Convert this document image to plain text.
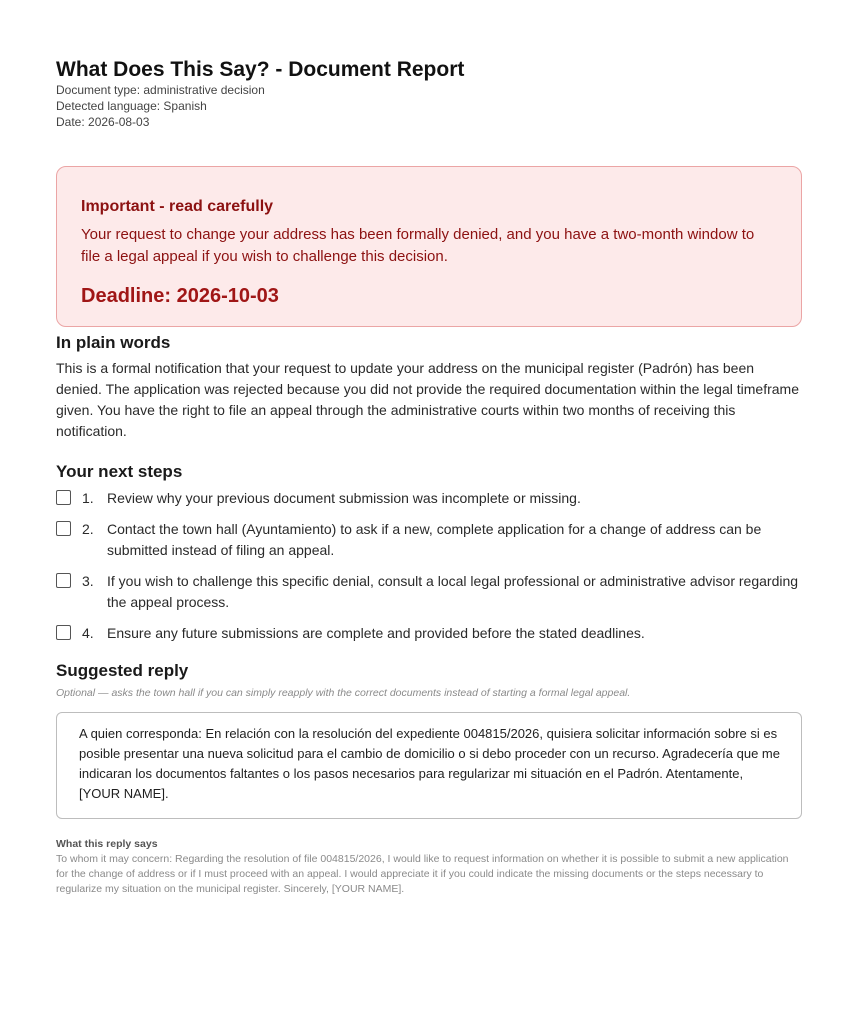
What Does This Say? - Document Report
Document type: administrative decision
Detected language: Spanish
Date: 2026-08-03
Important - read carefully
Your request to change your address has been formally denied, and you have a two-month window to file a legal appeal if you wish to challenge this decision.
Deadline: 2026-10-03
In plain words
This is a formal notification that your request to update your address on the municipal register (Padrón) has been denied. The application was rejected because you did not provide the required documentation within the legal timeframe given. You have the right to file an appeal through the administrative courts within two months of receiving this notification.
Your next steps
1. Review why your previous document submission was incomplete or missing.
2. Contact the town hall (Ayuntamiento) to ask if a new, complete application for a change of address can be submitted instead of filing an appeal.
3. If you wish to challenge this specific denial, consult a local legal professional or administrative advisor regarding the appeal process.
4. Ensure any future submissions are complete and provided before the stated deadlines.
Suggested reply
Optional — asks the town hall if you can simply reapply with the correct documents instead of starting a formal legal appeal.
A quien corresponda: En relación con la resolución del expediente 004815/2026, quisiera solicitar información sobre si es posible presentar una nueva solicitud para el cambio de domicilio o si debo proceder con un recurso. Agradecería que me indicaran los documentos faltantes o los pasos necesarios para regularizar mi situación en el Padrón. Atentamente, [YOUR NAME].
What this reply says
To whom it may concern: Regarding the resolution of file 004815/2026, I would like to request information on whether it is possible to submit a new application for the change of address or if I must proceed with an appeal. I would appreciate it if you could indicate the missing documents or the steps necessary to regularize my situation on the municipal register. Sincerely, [YOUR NAME].
